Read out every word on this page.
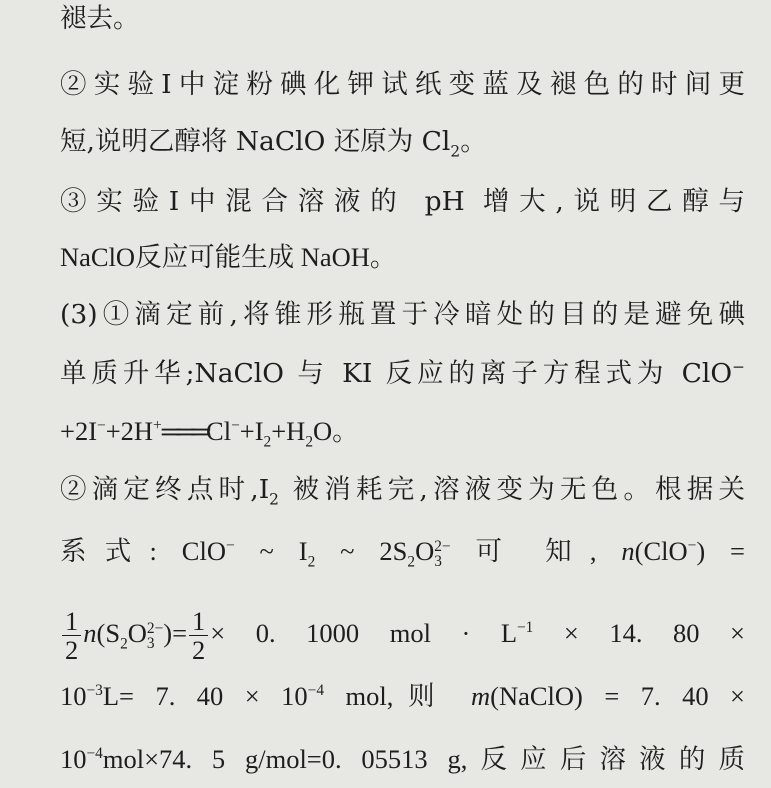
褪去。
②实验Ⅰ中淀粉碘化钾试纸变蓝及褪色的时间更
短,说明乙醇将 NaClO 还原为 $Cl_2$。
③实验Ⅰ中混合溶液的 pH 增大,说明乙醇与
NaClO反应可能生成 NaOH。
(3)①滴定前,将锥形瓶置于冷暗处的目的是避免碘
单质升华;NaClO 与 KI 反应的离子方程式为 ClO−
$+2I^-+2H^+═══Cl^-+I_2+H_2O$。
②滴定终点时$,I_2$ 被消耗完,溶液变为无色。根据关
系式: ClO− ~ $I_2$ ~ $2S_2O$ 2−
3 可 知, n(ClO−) =
$\frac{1}{2} n(S_2O$ 2−
3 )= $\frac{1}{2} \times 0$. 1000 mol · $L^{-1} \times 14$. 80 ×
$10^{-3}L= 7$. $40 \times 10^{-4}$ mol,则 m(NaClO) = 7. 40 ×
$10^{-4}mol\times 74$. 5 g/mol=0. 05513 g,反应后溶液的质
